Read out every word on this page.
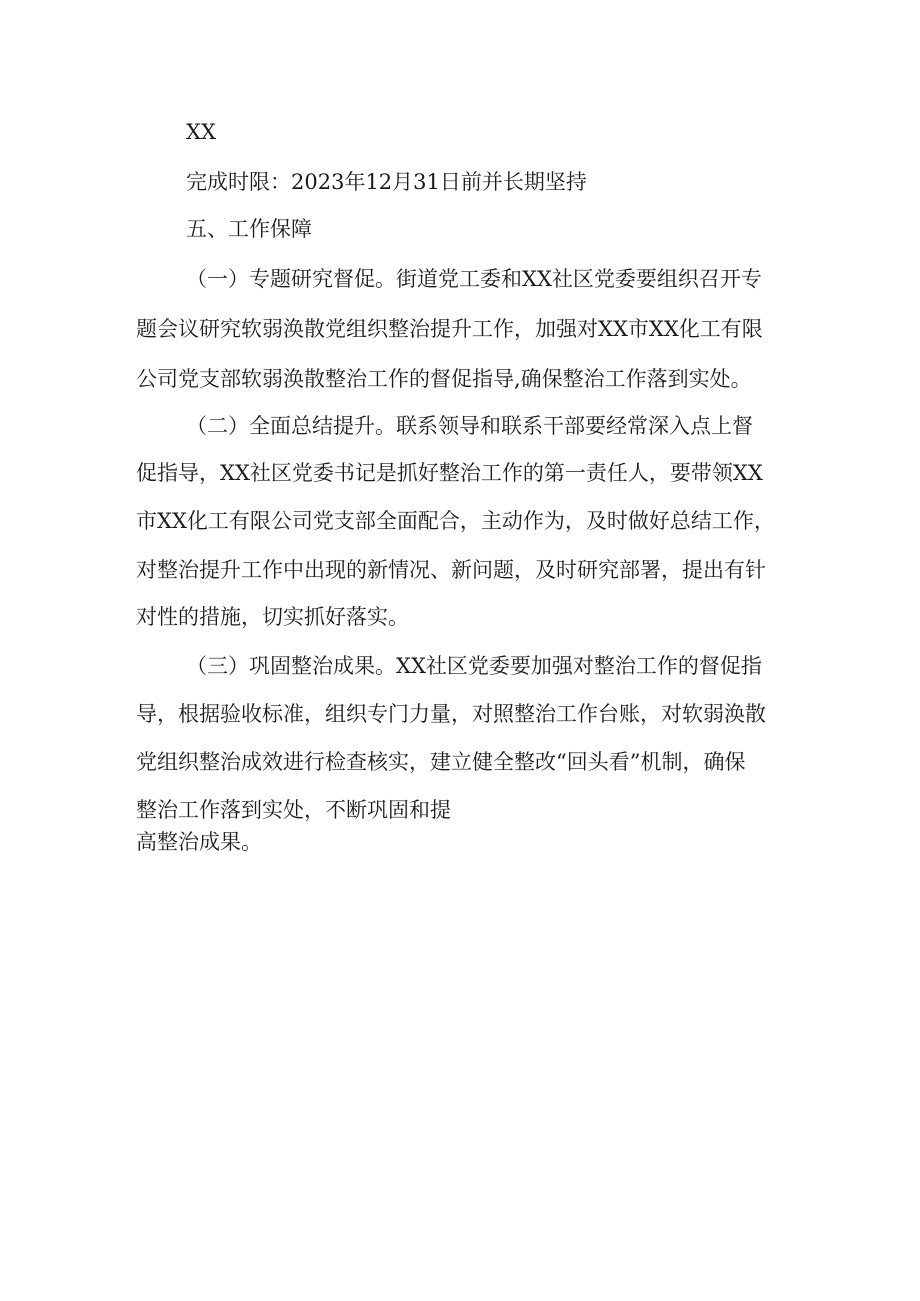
XX
完成时限：2023年12月31日前并长期坚持
五、工作保障
（一）专题研究督促。街道党工委和XX社区党委要组织召开专
题会议研究软弱涣散党组织整治提升工作，加强对XX市XX化工有限
公司党支部软弱涣散整治工作的督促指导,确保整治工作落到实处。
（二）全面总结提升。联系领导和联系干部要经常深入点上督
促指导，XX社区党委书记是抓好整治工作的第一责任人，要带领XX
市XX化工有限公司党支部全面配合，主动作为，及时做好总结工作，
对整治提升工作中出现的新情况、新问题，及时研究部署，提出有针
对性的措施，切实抓好落实。
（三）巩固整治成果。XX社区党委要加强对整治工作的督促指
导，根据验收标准，组织专门力量，对照整治工作台账，对软弱涣散
党组织整治成效进行检查核实，建立健全整改“回头看”机制，确保
整治工作落到实处，不断巩固和提
高整治成果。
